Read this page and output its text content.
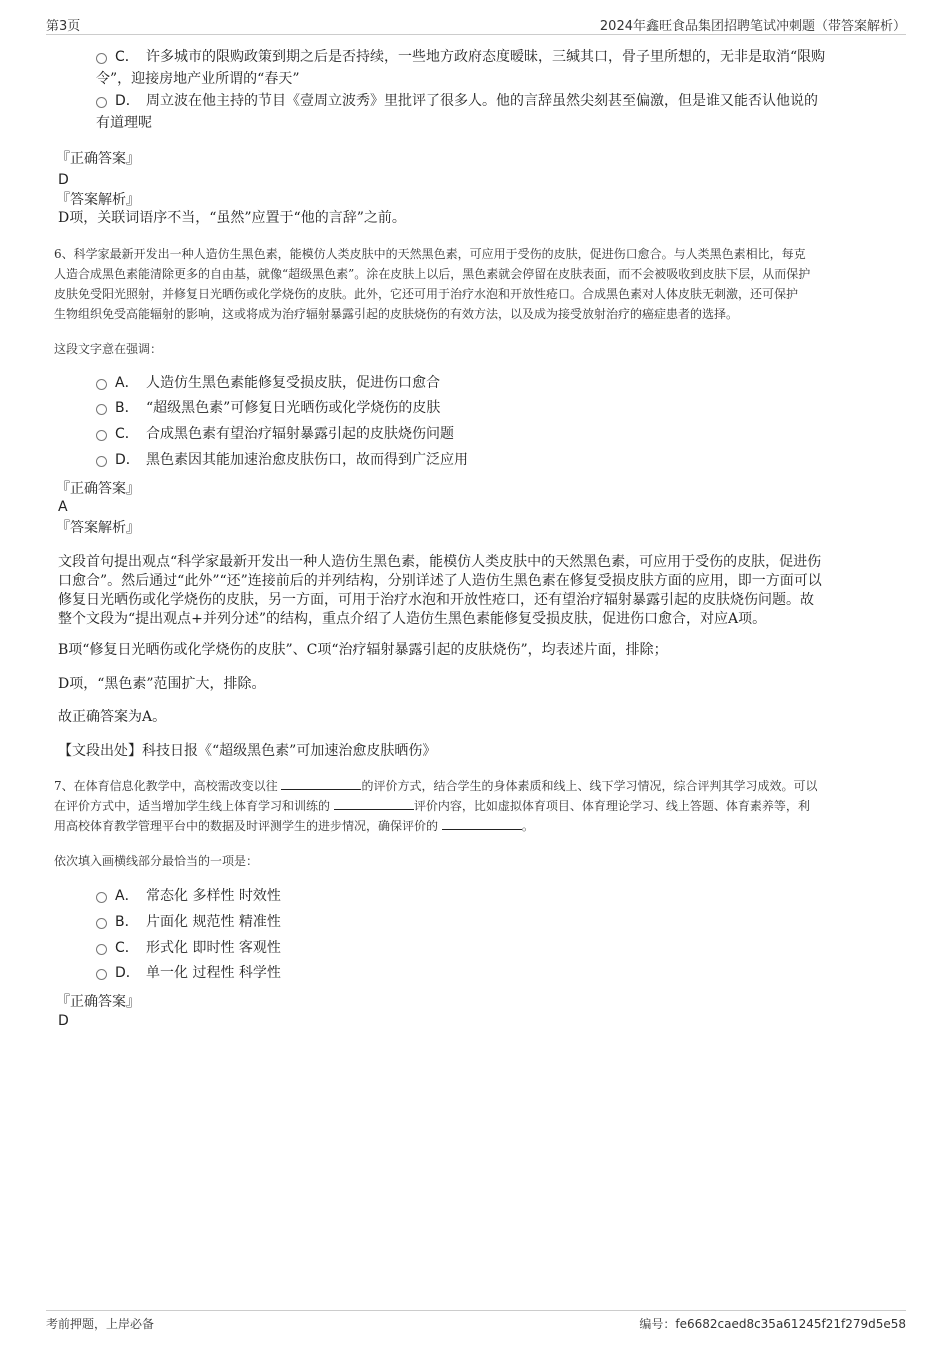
第3页	2024年鑫旺食品集团招聘笔试冲刺题（带答案解析）
C． 许多城市的限购政策到期之后是否持续，一些地方政府态度暧昧，三缄其口，骨子里所想的，无非是取消“限购
令”，迎接房地产业所谓的“春天”
D． 周立波在他主持的节目《壹周立波秀》里批评了很多人。他的言辞虽然尖刻甚至偏激，但是谁又能否认他说的
有道理呢
『正确答案』
D
『答案解析』
D项，关联词语序不当，“虽然”应置于“他的言辞”之前。
6、科学家最新开发出一种人造仿生黑色素，能模仿人类皮肤中的天然黑色素，可应用于受伤的皮肤，促进伤口愈合。与人类黑色素相比，每克
人造合成黑色素能清除更多的自由基，就像“超级黑色素”。涂在皮肤上以后，黑色素就会停留在皮肤表面，而不会被吸收到皮肤下层，从而保护
皮肤免受阳光照射，并修复日光晒伤或化学烧伤的皮肤。此外，它还可用于治疗水泡和开放性疮口。合成黑色素对人体皮肤无刺激，还可保护
生物组织免受高能辐射的影响，这或将成为治疗辐射暴露引起的皮肤烧伤的有效方法，以及成为接受放射治疗的癌症患者的选择。
这段文字意在强调：
A． 人造仿生黑色素能修复受损皮肤，促进伤口愈合
B． “超级黑色素”可修复日光晒伤或化学烧伤的皮肤
C． 合成黑色素有望治疗辐射暴露引起的皮肤烧伤问题
D． 黑色素因其能加速治愈皮肤伤口，故而得到广泛应用
『正确答案』
A
『答案解析』
文段首句提出观点“科学家最新开发出一种人造仿生黑色素，能模仿人类皮肤中的天然黑色素，可应用于受伤的皮肤，促进伤
口愈合”。然后通过“此外”“还”连接前后的并列结构，分别详述了人造仿生黑色素在修复受损皮肤方面的应用，即一方面可以
修复日光晒伤或化学烧伤的皮肤，另一方面，可用于治疗水泡和开放性疮口，还有望治疗辐射暴露引起的皮肤烧伤问题。故
整个文段为“提出观点+并列分述”的结构，重点介绍了人造仿生黑色素能修复受损皮肤，促进伤口愈合，对应A项。
B项“修复日光晒伤或化学烧伤的皮肤”、C项“治疗辐射暴露引起的皮肤烧伤”，均表述片面，排除；
D项，“黑色素”范围扩大，排除。
故正确答案为A。
【文段出处】科技日报《“超级黑色素”可加速治愈皮肤晒伤》
7、在体育信息化教学中，高校需改变以往	的评价方式，结合学生的身体素质和线上、线下学习情况，综合评判其学习成效。可以
在评价方式中，适当增加学生线上体育学习和训练的	评价内容，比如虚拟体育项目、体育理论学习、线上答题、体育素养等，利
用高校体育教学管理平台中的数据及时评测学生的进步情况，确保评价的	。
依次填入画横线部分最恰当的一项是：
A． 常态化 多样性 时效性
B． 片面化 规范性 精准性
C． 形式化 即时性 客观性
D． 单一化 过程性 科学性
『正确答案』
D
考前押题，上岸必备	编号：fe6682caed8c35a61245f21f279d5e58
